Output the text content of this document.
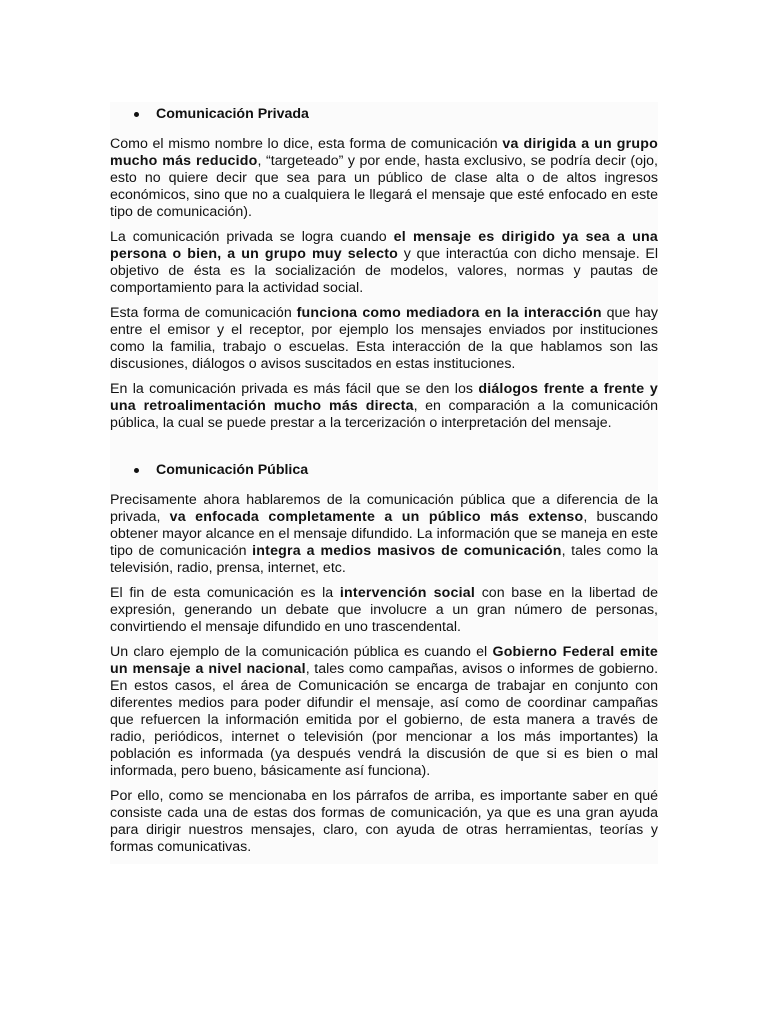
Comunicación Privada

Como el mismo nombre lo dice, esta forma de comunicación va dirigida a un grupo mucho más reducido, “targeteado” y por ende, hasta exclusivo, se podría decir (ojo, esto no quiere decir que sea para un público de clase alta o de altos ingresos económicos, sino que no a cualquiera le llegará el mensaje que esté enfocado en este tipo de comunicación).

La comunicación privada se logra cuando el mensaje es dirigido ya sea a una persona o bien, a un grupo muy selecto y que interactúa con dicho mensaje. El objetivo de ésta es la socialización de modelos, valores, normas y pautas de comportamiento para la actividad social.

Esta forma de comunicación funciona como mediadora en la interacción que hay entre el emisor y el receptor, por ejemplo los mensajes enviados por instituciones como la familia, trabajo o escuelas. Esta interacción de la que hablamos son las discusiones, diálogos o avisos suscitados en estas instituciones.

En la comunicación privada es más fácil que se den los diálogos frente a frente y una retroalimentación mucho más directa, en comparación a la comunicación pública, la cual se puede prestar a la tercerización o interpretación del mensaje.

Comunicación Pública

Precisamente ahora hablaremos de la comunicación pública que a diferencia de la privada, va enfocada completamente a un público más extenso, buscando obtener mayor alcance en el mensaje difundido. La información que se maneja en este tipo de comunicación integra a medios masivos de comunicación, tales como la televisión, radio, prensa, internet, etc.

El fin de esta comunicación es la intervención social con base en la libertad de expresión, generando un debate que involucre a un gran número de personas, convirtiendo el mensaje difundido en uno trascendental.

Un claro ejemplo de la comunicación pública es cuando el Gobierno Federal emite un mensaje a nivel nacional, tales como campañas, avisos o informes de gobierno. En estos casos, el área de Comunicación se encarga de trabajar en conjunto con diferentes medios para poder difundir el mensaje, así como de coordinar campañas que refuercen la información emitida por el gobierno, de esta manera a través de radio, periódicos, internet o televisión (por mencionar a los más importantes) la población es informada (ya después vendrá la discusión de que si es bien o mal informada, pero bueno, básicamente así funciona).

Por ello, como se mencionaba en los párrafos de arriba, es importante saber en qué consiste cada una de estas dos formas de comunicación, ya que es una gran ayuda para dirigir nuestros mensajes, claro, con ayuda de otras herramientas, teorías y formas comunicativas.
